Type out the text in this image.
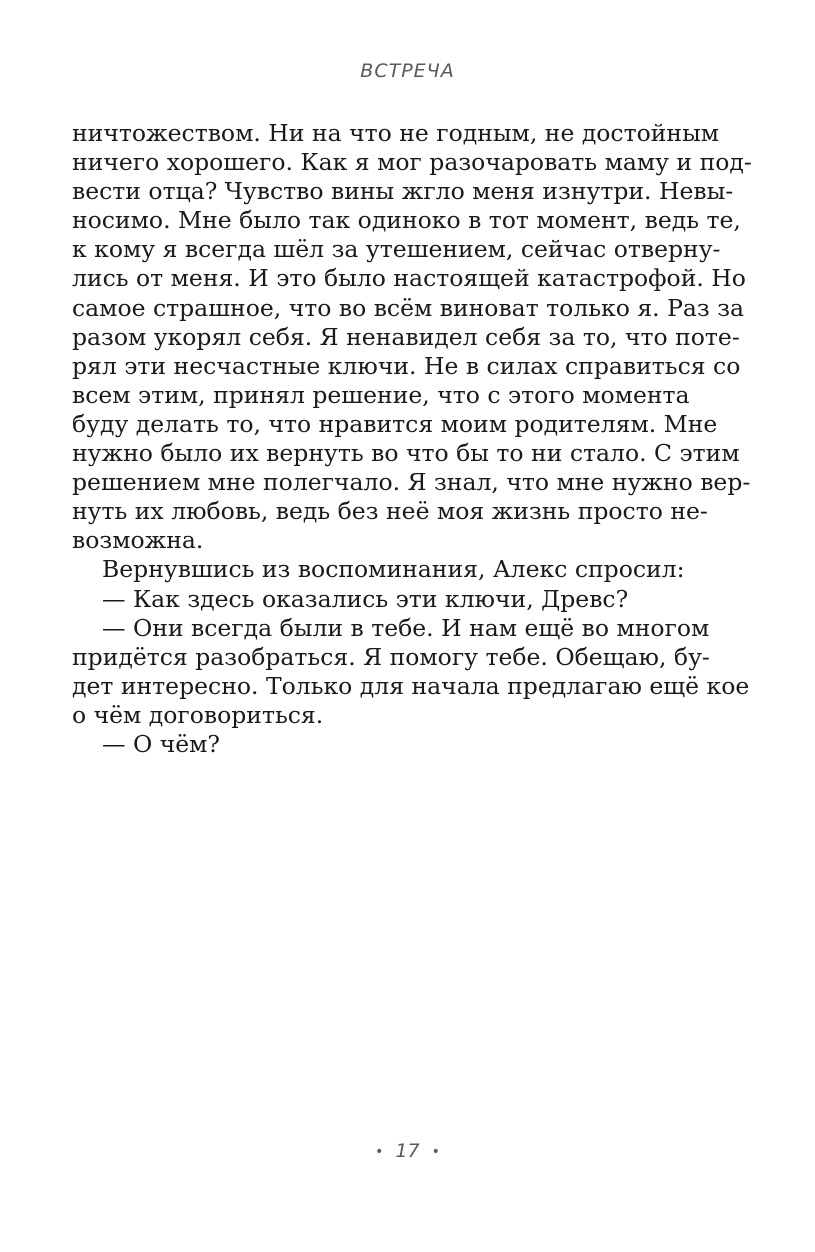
ВСТРЕЧА
ничтожеством. Ни на что не годным, не достойным
ничего хорошего. Как я мог разочаровать маму и под-
вести отца? Чувство вины жгло меня изнутри. Невы-
носимо. Мне было так одиноко в тот момент, ведь те,
к кому я всегда шёл за утешением, сейчас отверну-
лись от меня. И это было настоящей катастрофой. Но
самое страшное, что во всём виноват только я. Раз за
разом укорял себя. Я ненавидел себя за то, что поте-
рял эти несчастные ключи. Не в силах справиться со
всем этим, принял решение, что с этого момента
буду делать то, что нравится моим родителям. Мне
нужно было их вернуть во что бы то ни стало. С этим
решением мне полегчало. Я знал, что мне нужно вер-
нуть их любовь, ведь без неё моя жизнь просто не-
возможна.
Вернувшись из воспоминания, Алекс спросил:
— Как здесь оказались эти ключи, Древс?
— Они всегда были в тебе. И нам ещё во многом
придётся разобраться. Я помогу тебе. Обещаю, бу-
дет интересно. Только для начала предлагаю ещё кое
о чём договориться.
— О чём?
• 17 •
